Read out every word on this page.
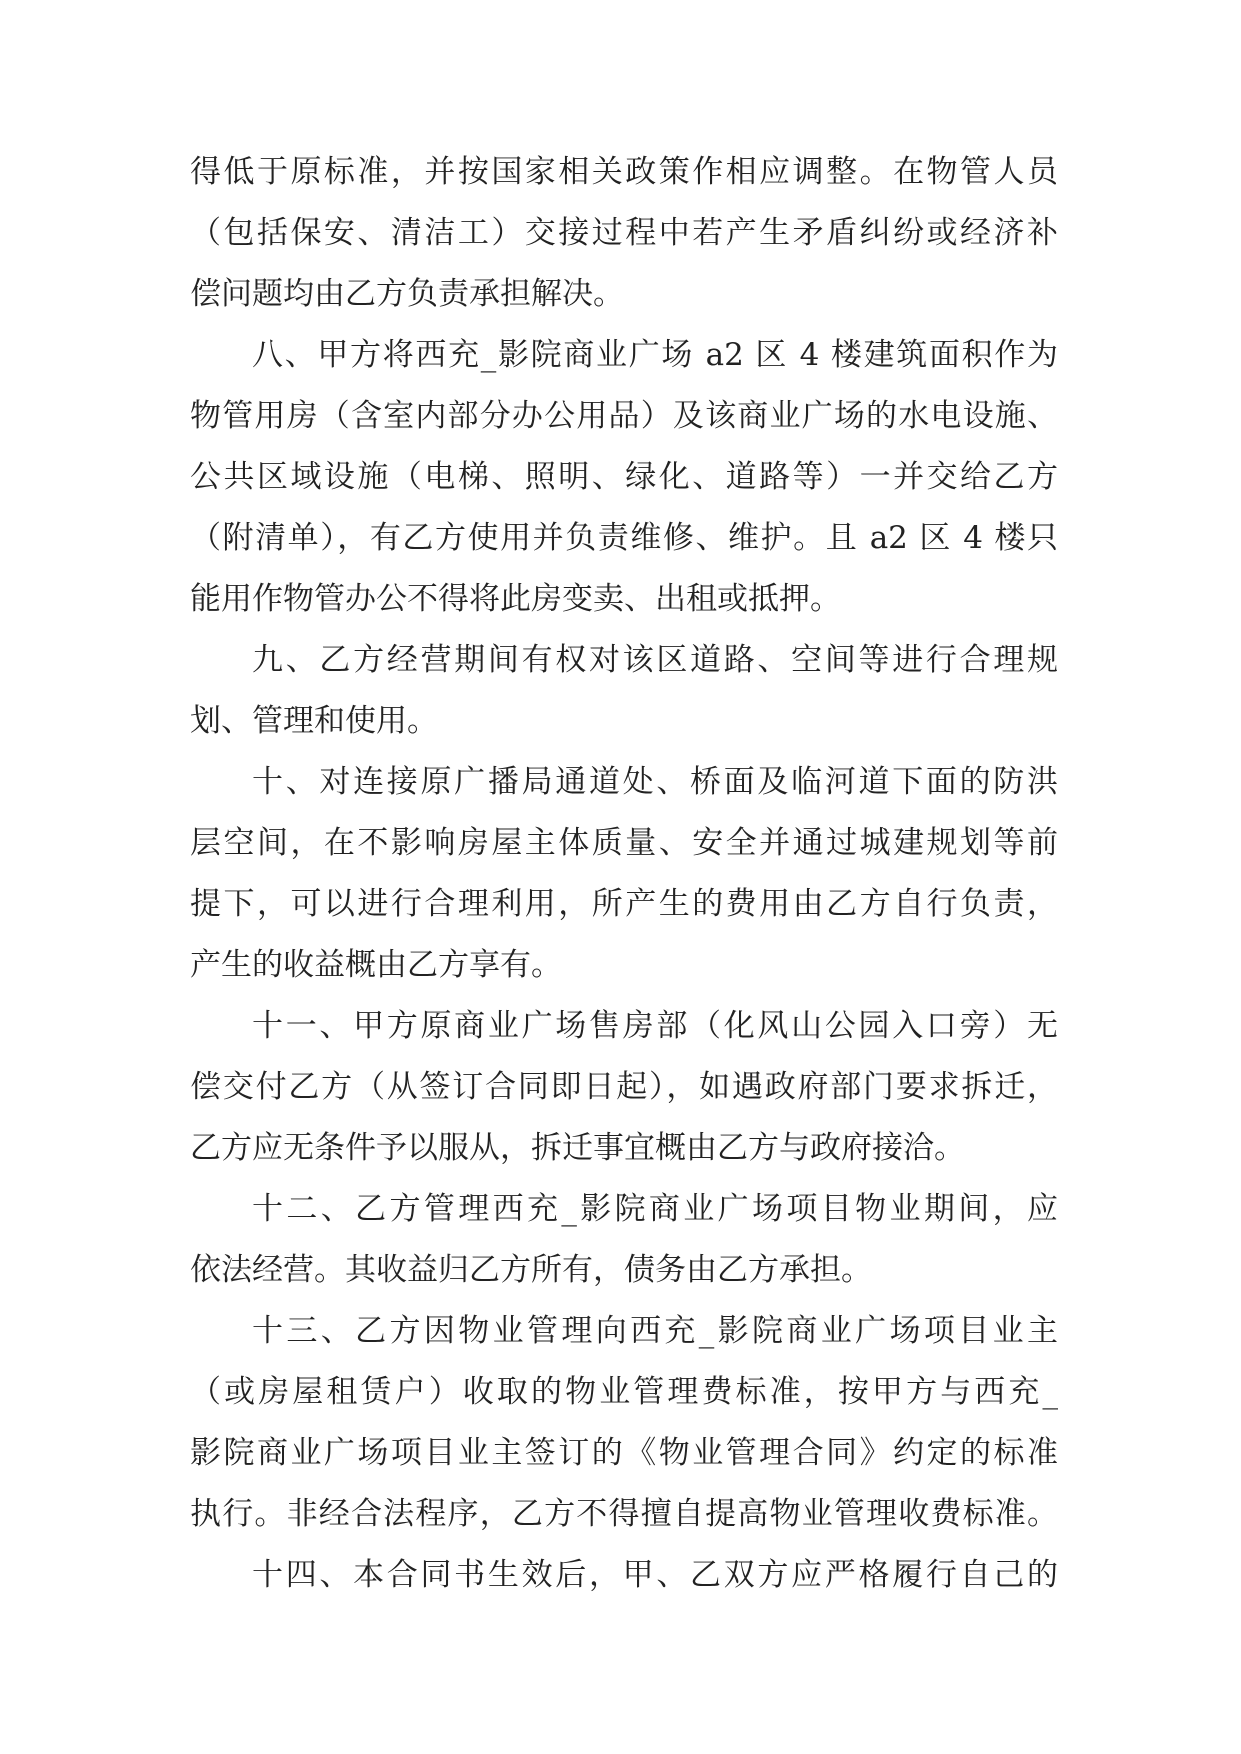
得低于原标准，并按国家相关政策作相应调整。在物管人员
（包括保安、清洁工）交接过程中若产生矛盾纠纷或经济补
偿问题均由乙方负责承担解决。
八、甲方将西充_影院商业广场 a2 区 4 楼建筑面积作为
物管用房（含室内部分办公用品）及该商业广场的水电设施、
公共区域设施（电梯、照明、绿化、道路等）一并交给乙方
（附清单），有乙方使用并负责维修、维护。且 a2 区 4 楼只
能用作物管办公不得将此房变卖、出租或抵押。
九、乙方经营期间有权对该区道路、空间等进行合理规
划、管理和使用。
十、对连接原广播局通道处、桥面及临河道下面的防洪
层空间，在不影响房屋主体质量、安全并通过城建规划等前
提下，可以进行合理利用，所产生的费用由乙方自行负责，
产生的收益概由乙方享有。
十一、甲方原商业广场售房部（化风山公园入口旁）无
偿交付乙方（从签订合同即日起），如遇政府部门要求拆迁，
乙方应无条件予以服从，拆迁事宜概由乙方与政府接洽。
十二、乙方管理西充_影院商业广场项目物业期间，应
依法经营。其收益归乙方所有，债务由乙方承担。
十三、乙方因物业管理向西充_影院商业广场项目业主
（或房屋租赁户）收取的物业管理费标准，按甲方与西充_
影院商业广场项目业主签订的《物业管理合同》约定的标准
执行。非经合法程序，乙方不得擅自提高物业管理收费标准。
十四、本合同书生效后，甲、乙双方应严格履行自己的
